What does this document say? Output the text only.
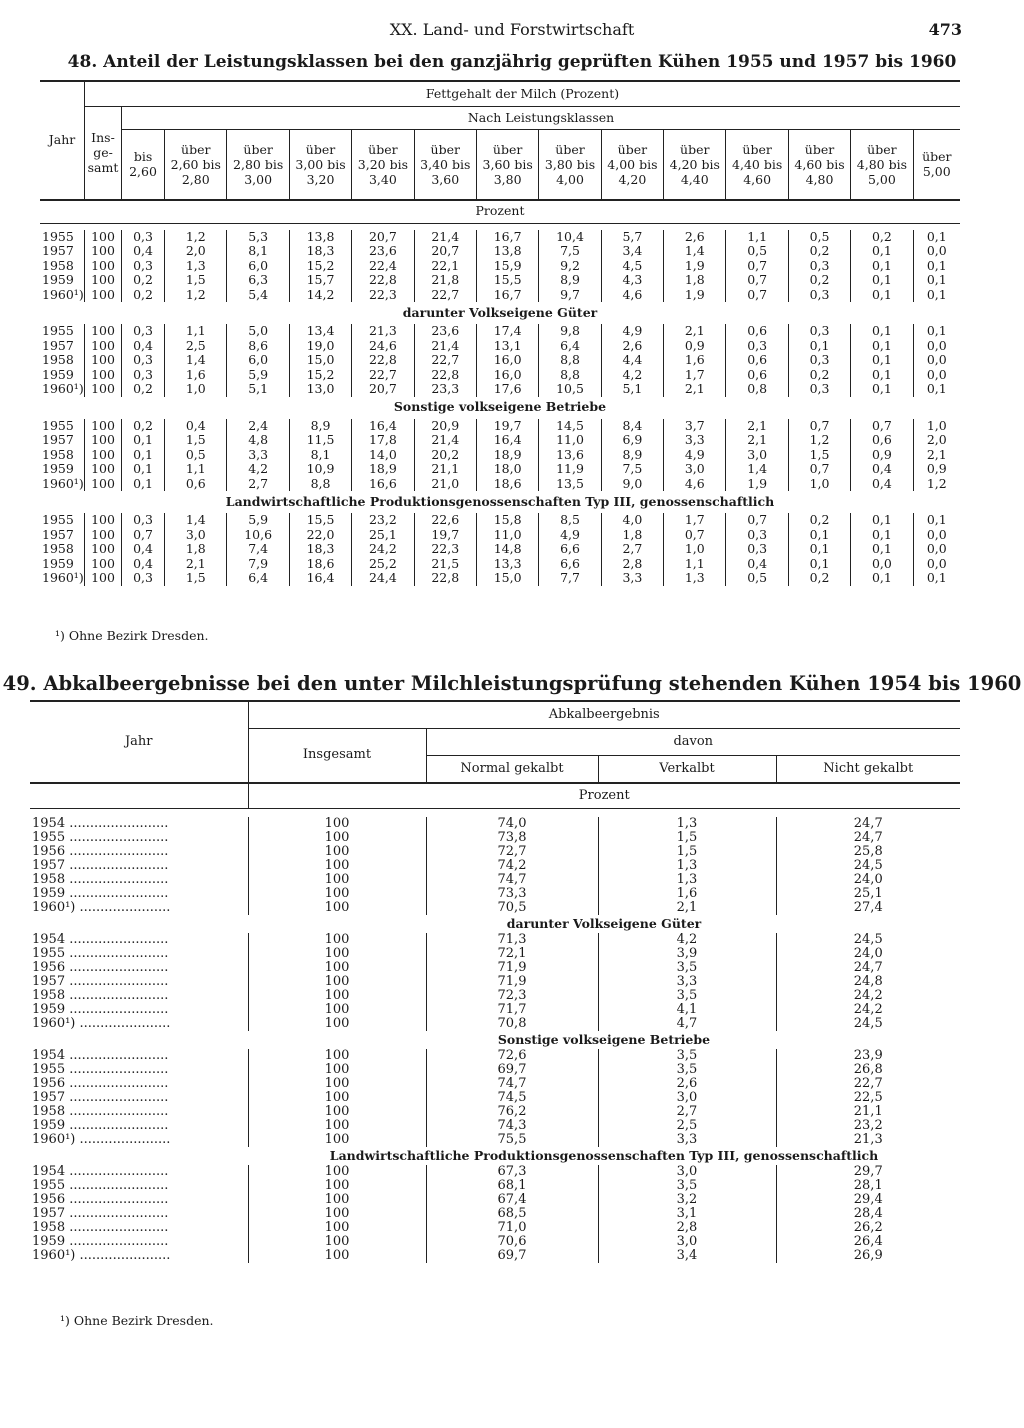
XX. Land- und Forstwirtschaft	473
48. Anteil der Leistungsklassen bei den ganzjährig geprüften Kühen 1955 und 1957 bis 1960
Jahr	Fettgehalt der Milch (Prozent)														
	Ins-ge-samt	Nach Leistungsklassen													
		bis 2,60	über 2,60 bis 2,80	über 2,80 bis 3,00	über 3,00 bis 3,20	über 3,20 bis 3,40	über 3,40 bis 3,60	über 3,60 bis 3,80	über 3,80 bis 4,00	über 4,00 bis 4,20	über 4,20 bis 4,40	über 4,40 bis 4,60	über 4,60 bis 4,80	über 4,80 bis 5,00	über 5,00
Prozent															

1955	100	0,3	1,2	5,3	13,8	20,7	21,4	16,7	10,4	5,7	2,6	1,1	0,5	0,2	0,1
1957	100	0,4	2,0	8,1	18,3	23,6	20,7	13,8	7,5	3,4	1,4	0,5	0,2	0,1	0,0
1958	100	0,3	1,3	6,0	15,2	22,4	22,1	15,9	9,2	4,5	1,9	0,7	0,3	0,1	0,1
1959	100	0,2	1,5	6,3	15,7	22,8	21,8	15,5	8,9	4,3	1,8	0,7	0,2	0,1	0,1
1960¹)	100	0,2	1,2	5,4	14,2	22,3	22,7	16,7	9,7	4,6	1,9	0,7	0,3	0,1	0,1
darunter Volkseigene Güter															
1955	100	0,3	1,1	5,0	13,4	21,3	23,6	17,4	9,8	4,9	2,1	0,6	0,3	0,1	0,1
1957	100	0,4	2,5	8,6	19,0	24,6	21,4	13,1	6,4	2,6	0,9	0,3	0,1	0,1	0,0
1958	100	0,3	1,4	6,0	15,0	22,8	22,7	16,0	8,8	4,4	1,6	0,6	0,3	0,1	0,0
1959	100	0,3	1,6	5,9	15,2	22,7	22,8	16,0	8,8	4,2	1,7	0,6	0,2	0,1	0,0
1960¹)	100	0,2	1,0	5,1	13,0	20,7	23,3	17,6	10,5	5,1	2,1	0,8	0,3	0,1	0,1
Sonstige volkseigene Betriebe															
1955	100	0,2	0,4	2,4	8,9	16,4	20,9	19,7	14,5	8,4	3,7	2,1	0,7	0,7	1,0
1957	100	0,1	1,5	4,8	11,5	17,8	21,4	16,4	11,0	6,9	3,3	2,1	1,2	0,6	2,0
1958	100	0,1	0,5	3,3	8,1	14,0	20,2	18,9	13,6	8,9	4,9	3,0	1,5	0,9	2,1
1959	100	0,1	1,1	4,2	10,9	18,9	21,1	18,0	11,9	7,5	3,0	1,4	0,7	0,4	0,9
1960¹)	100	0,1	0,6	2,7	8,8	16,6	21,0	18,6	13,5	9,0	4,6	1,9	1,0	0,4	1,2
Landwirtschaftliche Produktionsgenossenschaften Typ III, genossenschaftlich															
1955	100	0,3	1,4	5,9	15,5	23,2	22,6	15,8	8,5	4,0	1,7	0,7	0,2	0,1	0,1
1957	100	0,7	3,0	10,6	22,0	25,1	19,7	11,0	4,9	1,8	0,7	0,3	0,1	0,1	0,0
1958	100	0,4	1,8	7,4	18,3	24,2	22,3	14,8	6,6	2,7	1,0	0,3	0,1	0,1	0,0
1959	100	0,4	2,1	7,9	18,6	25,2	21,5	13,3	6,6	2,8	1,1	0,4	0,1	0,0	0,0
1960¹)	100	0,3	1,5	6,4	16,4	24,4	22,8	15,0	7,7	3,3	1,3	0,5	0,2	0,1	0,1
¹) Ohne Bezirk Dresden.
49. Abkalbeergebnisse bei den unter Milchleistungsprüfung stehenden Kühen 1954 bis 1960
Jahr	Abkalbeergebnis			
	Insgesamt	davon		
		Normal gekalbt	Verkalbt	Nicht gekalbt
	Prozent			

1954 ........................	100	74,0	1,3	24,7
1955 ........................	100	73,8	1,5	24,7
1956 ........................	100	72,7	1,5	25,8
1957 ........................	100	74,2	1,3	24,5
1958 ........................	100	74,7	1,3	24,0
1959 ........................	100	73,3	1,6	25,1
1960¹) ......................	100	70,5	2,1	27,4
	darunter Volkseigene Güter			
1954 ........................	100	71,3	4,2	24,5
1955 ........................	100	72,1	3,9	24,0
1956 ........................	100	71,9	3,5	24,7
1957 ........................	100	71,9	3,3	24,8
1958 ........................	100	72,3	3,5	24,2
1959 ........................	100	71,7	4,1	24,2
1960¹) ......................	100	70,8	4,7	24,5
	Sonstige volkseigene Betriebe			
1954 ........................	100	72,6	3,5	23,9
1955 ........................	100	69,7	3,5	26,8
1956 ........................	100	74,7	2,6	22,7
1957 ........................	100	74,5	3,0	22,5
1958 ........................	100	76,2	2,7	21,1
1959 ........................	100	74,3	2,5	23,2
1960¹) ......................	100	75,5	3,3	21,3
	Landwirtschaftliche Produktionsgenossenschaften Typ III, genossenschaftlich			
1954 ........................	100	67,3	3,0	29,7
1955 ........................	100	68,1	3,5	28,1
1956 ........................	100	67,4	3,2	29,4
1957 ........................	100	68,5	3,1	28,4
1958 ........................	100	71,0	2,8	26,2
1959 ........................	100	70,6	3,0	26,4
1960¹) ......................	100	69,7	3,4	26,9
¹) Ohne Bezirk Dresden.
